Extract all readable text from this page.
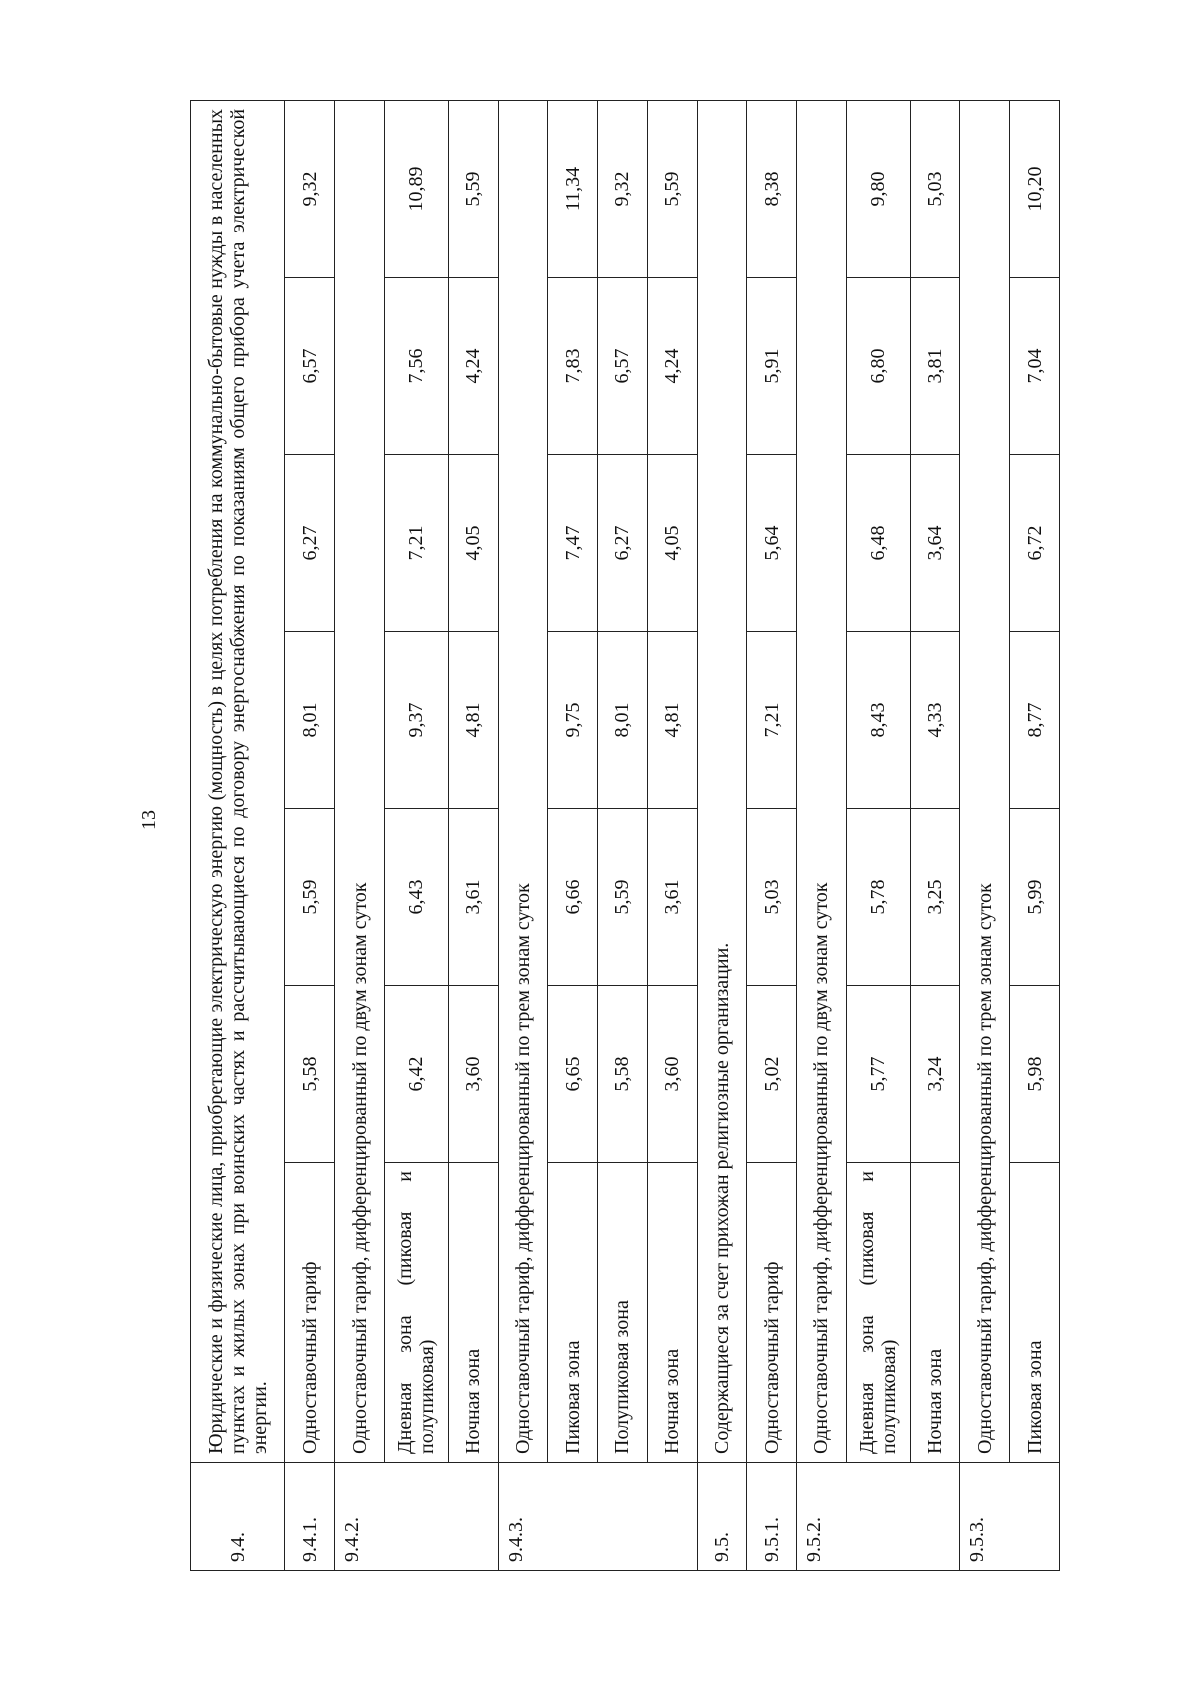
13
9.4.	Юридические и физические лица, приобретающие электрическую энергию (мощность) в целях потребления на коммунально-бытовые нужды в населенных пунктах и жилых зонах при воинских частях и рассчитывающиеся по договору энергоснабжения по показаниям общего прибора учета электрической энергии.						
9.4.1.	Одноставочный тариф	5,58	5,59	8,01	6,27	6,57	9,32
9.4.2.	Одноставочный тариф, дифференцированный по двум зонам суток						
	Дневная зона (пиковая и полупиковая)	6,42	6,43	9,37	7,21	7,56	10,89
	Ночная зона	3,60	3,61	4,81	4,05	4,24	5,59
9.4.3.	Одноставочный тариф, дифференцированный по трем зонам суток						
	Пиковая зона	6,65	6,66	9,75	7,47	7,83	11,34
	Полупиковая зона	5,58	5,59	8,01	6,27	6,57	9,32
	Ночная зона	3,60	3,61	4,81	4,05	4,24	5,59
9.5.	Содержащиеся за счет прихожан религиозные организации.						
9.5.1.	Одноставочный тариф	5,02	5,03	7,21	5,64	5,91	8,38
9.5.2.	Одноставочный тариф, дифференцированный по двум зонам суток						
	Дневная зона (пиковая и полупиковая)	5,77	5,78	8,43	6,48	6,80	9,80
	Ночная зона	3,24	3,25	4,33	3,64	3,81	5,03
9.5.3.	Одноставочный тариф, дифференцированный по трем зонам суток						
	Пиковая зона	5,98	5,99	8,77	6,72	7,04	10,20
